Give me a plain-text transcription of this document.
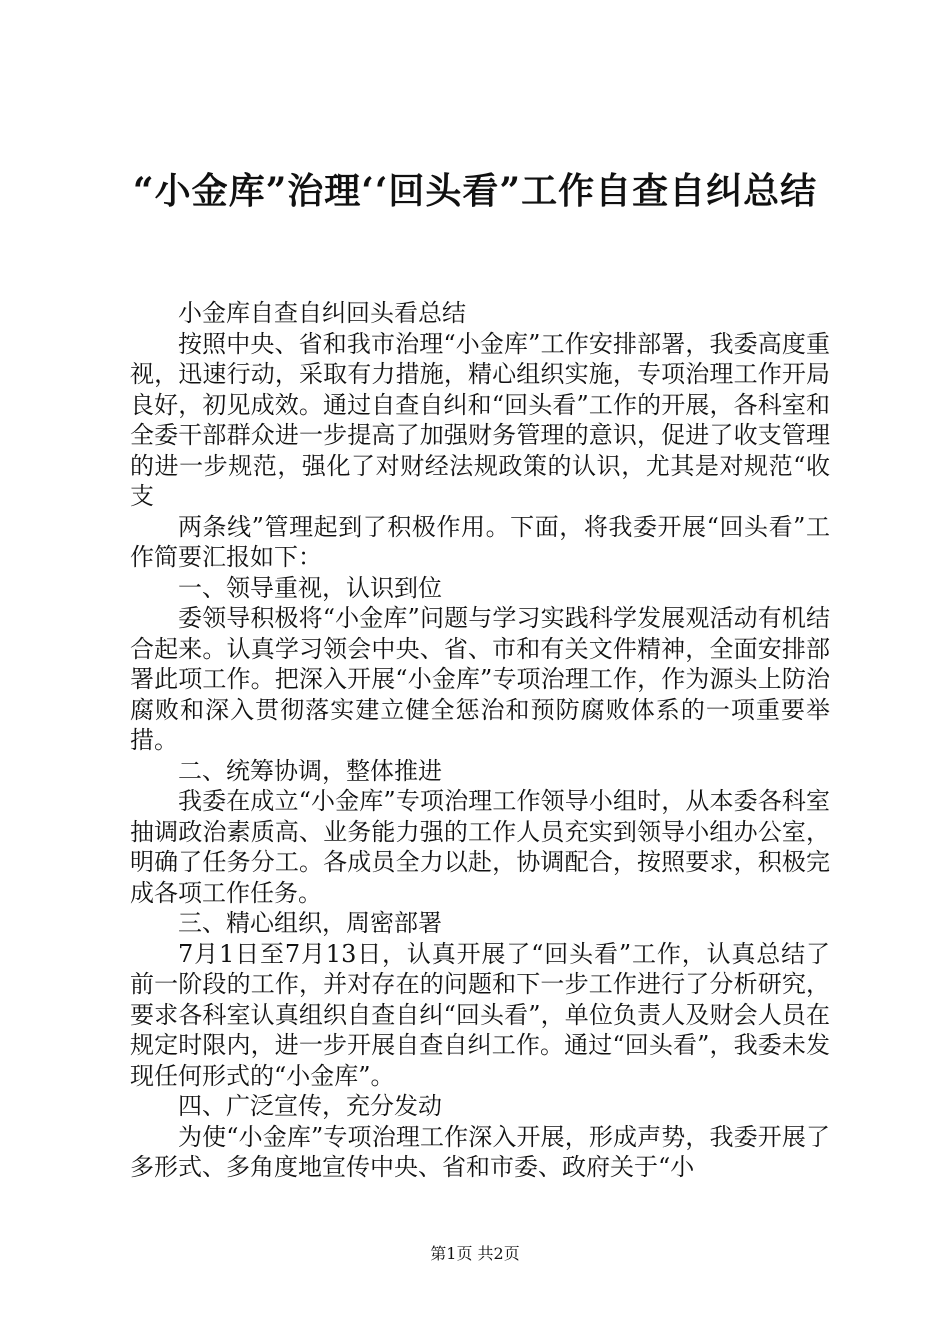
“小金库”治理‘‘回头看”工作自查自纠总结

小金库自查自纠回头看总结

按照中央、省和我市治理“小金库”工作安排部署，我委高度重视，迅速行动，采取有力措施，精心组织实施，专项治理工作开局良好，初见成效。通过自查自纠和“回头看”工作的开展，各科室和全委干部群众进一步提高了加强财务管理的意识，促进了收支管理的进一步规范，强化了对财经法规政策的认识，尤其是对规范“收支

两条线”管理起到了积极作用。下面，将我委开展“回头看”工作简要汇报如下：

一、领导重视，认识到位

委领导积极将“小金库”问题与学习实践科学发展观活动有机结合起来。认真学习领会中央、省、市和有关文件精神，全面安排部署此项工作。把深入开展“小金库”专项治理工作，作为源头上防治腐败和深入贯彻落实建立健全惩治和预防腐败体系的一项重要举措。

二、统筹协调，整体推进

我委在成立“小金库”专项治理工作领导小组时，从本委各科室抽调政治素质高、业务能力强的工作人员充实到领导小组办公室，明确了任务分工。各成员全力以赴，协调配合，按照要求，积极完成各项工作任务。

三、精心组织，周密部署

7月1日至7月13日，认真开展了“回头看”工作，认真总结了前一阶段的工作，并对存在的问题和下一步工作进行了分析研究，要求各科室认真组织自查自纠“回头看”，单位负责人及财会人员在规定时限内，进一步开展自查自纠工作。通过“回头看”，我委未发现任何形式的“小金库”。

四、广泛宣传，充分发动

为使“小金库”专项治理工作深入开展，形成声势，我委开展了多形式、多角度地宣传中央、省和市委、政府关于“小

第1页 共2页
